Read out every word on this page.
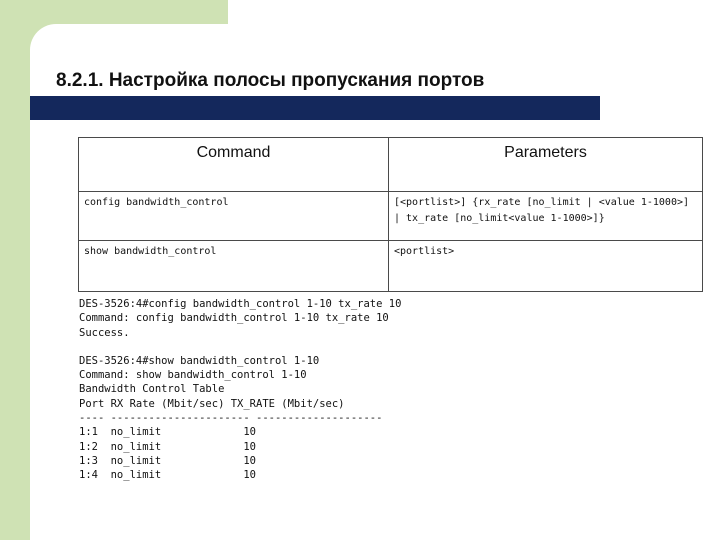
8.2.1. Настройка полосы пропускания портов
Command	Parameters
config bandwidth_control	[<portlist>] {rx_rate [no_limit | <value 1-1000>] | tx_rate [no_limit<value 1-1000>]}
show bandwidth_control	<portlist>
DES-3526:4#config bandwidth_control 1-10 tx_rate 10
Command: config bandwidth_control 1-10 tx_rate 10
Success.
DES-3526:4#show bandwidth_control 1-10
Command: show bandwidth_control 1-10
Bandwidth Control Table
Port RX Rate (Mbit/sec) TX_RATE (Mbit/sec)
---- ---------------------- --------------------
1:1  no_limit             10
1:2  no_limit             10
1:3  no_limit             10
1:4  no_limit             10
